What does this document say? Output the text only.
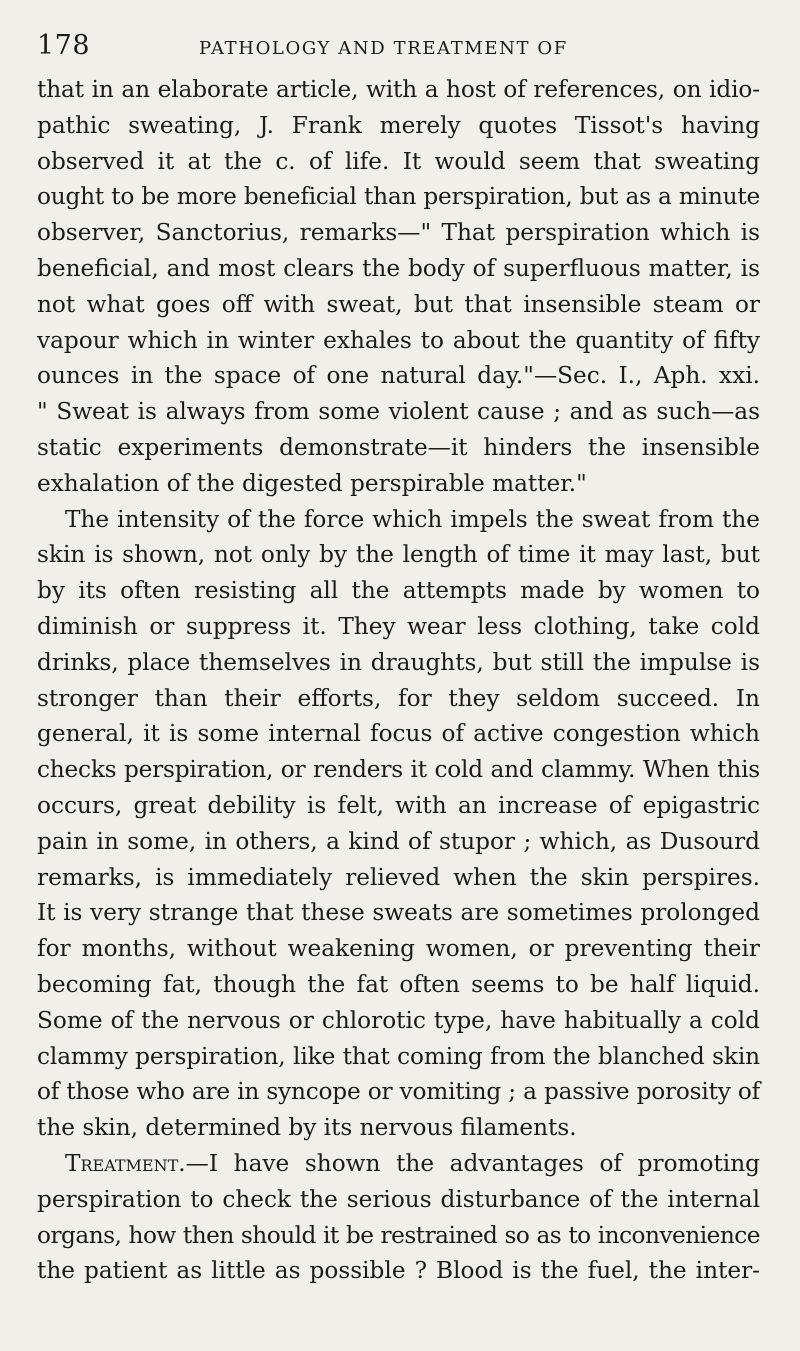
178	PATHOLOGY AND TREATMENT OF

that in an elaborate article, with a host of references, on idio-
pathic sweating, J. Frank merely quotes Tissot's having
observed it at the c. of life. It would seem that sweating
ought to be more beneficial than perspiration, but as a minute
observer, Sanctorius, remarks—" That perspiration which is
beneficial, and most clears the body of superfluous matter, is
not what goes off with sweat, but that insensible steam or
vapour which in winter exhales to about the quantity of fifty
ounces in the space of one natural day."—Sec. I., Aph. xxi.
" Sweat is always from some violent cause ; and as such—as
static experiments demonstrate—it hinders the insensible
exhalation of the digested perspirable matter."

The intensity of the force which impels the sweat from the
skin is shown, not only by the length of time it may last, but
by its often resisting all the attempts made by women to
diminish or suppress it. They wear less clothing, take cold
drinks, place themselves in draughts, but still the impulse is
stronger than their efforts, for they seldom succeed. In
general, it is some internal focus of active congestion which
checks perspiration, or renders it cold and clammy. When this
occurs, great debility is felt, with an increase of epigastric
pain in some, in others, a kind of stupor ; which, as Dusourd
remarks, is immediately relieved when the skin perspires.
It is very strange that these sweats are sometimes prolonged
for months, without weakening women, or preventing their
becoming fat, though the fat often seems to be half liquid.
Some of the nervous or chlorotic type, have habitually a cold
clammy perspiration, like that coming from the blanched skin
of those who are in syncope or vomiting ; a passive porosity of
the skin, determined by its nervous filaments.

Treatment.—I have shown the advantages of promoting
perspiration to check the serious disturbance of the internal
organs, how then should it be restrained so as to inconvenience
the patient as little as possible ? Blood is the fuel, the inter-
